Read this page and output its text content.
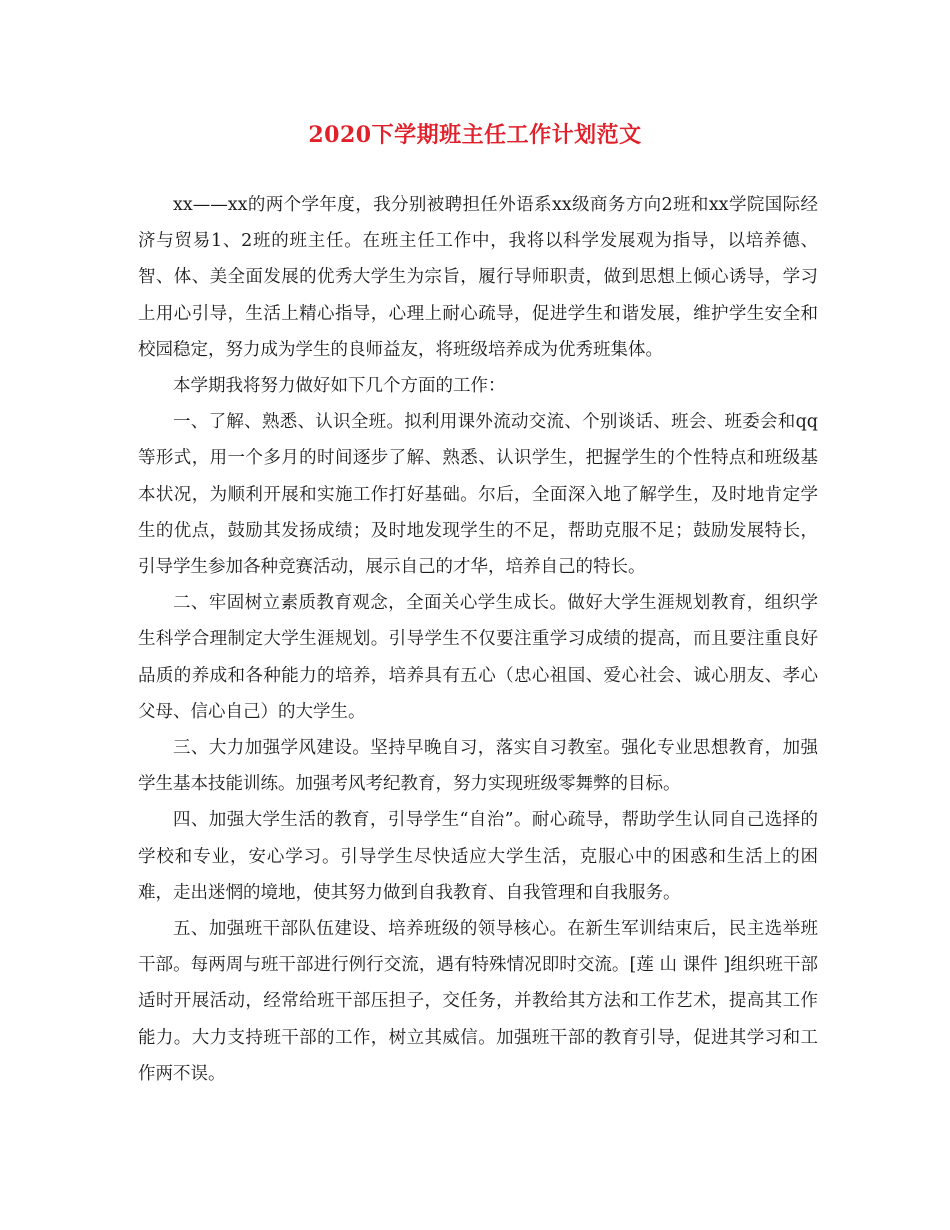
2020下学期班主任工作计划范文

xx——xx的两个学年度，我分别被聘担任外语系xx级商务方向2班和xx学院国际经济与贸易1、2班的班主任。在班主任工作中，我将以科学发展观为指导，以培养德、智、体、美全面发展的优秀大学生为宗旨，履行导师职责，做到思想上倾心诱导，学习上用心引导，生活上精心指导，心理上耐心疏导，促进学生和谐发展，维护学生安全和校园稳定，努力成为学生的良师益友，将班级培养成为优秀班集体。

本学期我将努力做好如下几个方面的工作：

一、了解、熟悉、认识全班。拟利用课外流动交流、个别谈话、班会、班委会和qq等形式，用一个多月的时间逐步了解、熟悉、认识学生，把握学生的个性特点和班级基本状况，为顺利开展和实施工作打好基础。尔后，全面深入地了解学生，及时地肯定学生的优点，鼓励其发扬成绩；及时地发现学生的不足，帮助克服不足；鼓励发展特长，引导学生参加各种竞赛活动，展示自己的才华，培养自己的特长。

二、牢固树立素质教育观念，全面关心学生成长。做好大学生涯规划教育，组织学生科学合理制定大学生涯规划。引导学生不仅要注重学习成绩的提高，而且要注重良好品质的养成和各种能力的培养，培养具有五心（忠心祖国、爱心社会、诚心朋友、孝心父母、信心自己）的大学生。

三、大力加强学风建设。坚持早晚自习，落实自习教室。强化专业思想教育，加强学生基本技能训练。加强考风考纪教育，努力实现班级零舞弊的目标。

四、加强大学生活的教育，引导学生“自治”。耐心疏导，帮助学生认同自己选择的学校和专业，安心学习。引导学生尽快适应大学生活，克服心中的困惑和生活上的困难，走出迷惘的境地，使其努力做到自我教育、自我管理和自我服务。

五、加强班干部队伍建设、培养班级的领导核心。在新生军训结束后，民主选举班干部。每两周与班干部进行例行交流，遇有特殊情况即时交流。[莲 山 课件 ]组织班干部适时开展活动，经常给班干部压担子，交任务，并教给其方法和工作艺术，提高其工作能力。大力支持班干部的工作，树立其威信。加强班干部的教育引导，促进其学习和工作两不误。
